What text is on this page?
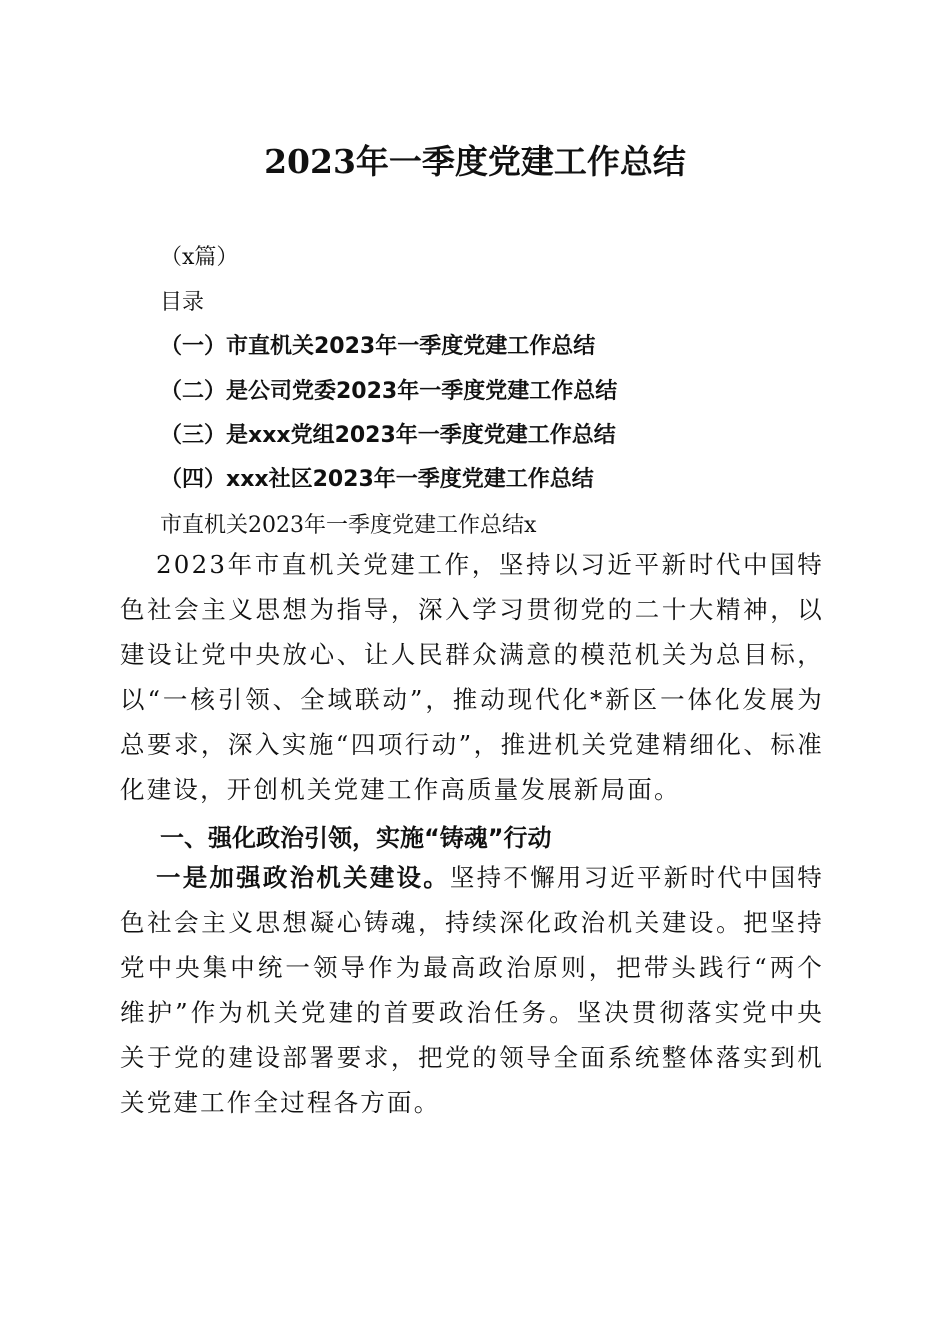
2023年一季度党建工作总结
（x篇）
目录
（一）市直机关2023年一季度党建工作总结
（二）是公司党委2023年一季度党建工作总结
（三）是xxx党组2023年一季度党建工作总结
（四）xxx社区2023年一季度党建工作总结
市直机关2023年一季度党建工作总结x
2023年市直机关党建工作，坚持以习近平新时代中国特色社会主义思想为指导，深入学习贯彻党的二十大精神，以建设让党中央放心、让人民群众满意的模范机关为总目标，以“一核引领、全域联动”，推动现代化*新区一体化发展为总要求，深入实施“四项行动”，推进机关党建精细化、标准化建设，开创机关党建工作高质量发展新局面。
一、强化政治引领，实施“铸魂”行动
一是加强政治机关建设。坚持不懈用习近平新时代中国特色社会主义思想凝心铸魂，持续深化政治机关建设。把坚持党中央集中统一领导作为最高政治原则，把带头践行“两个维护”作为机关党建的首要政治任务。坚决贯彻落实党中央关于党的建设部署要求，把党的领导全面系统整体落实到机关党建工作全过程各方面。
